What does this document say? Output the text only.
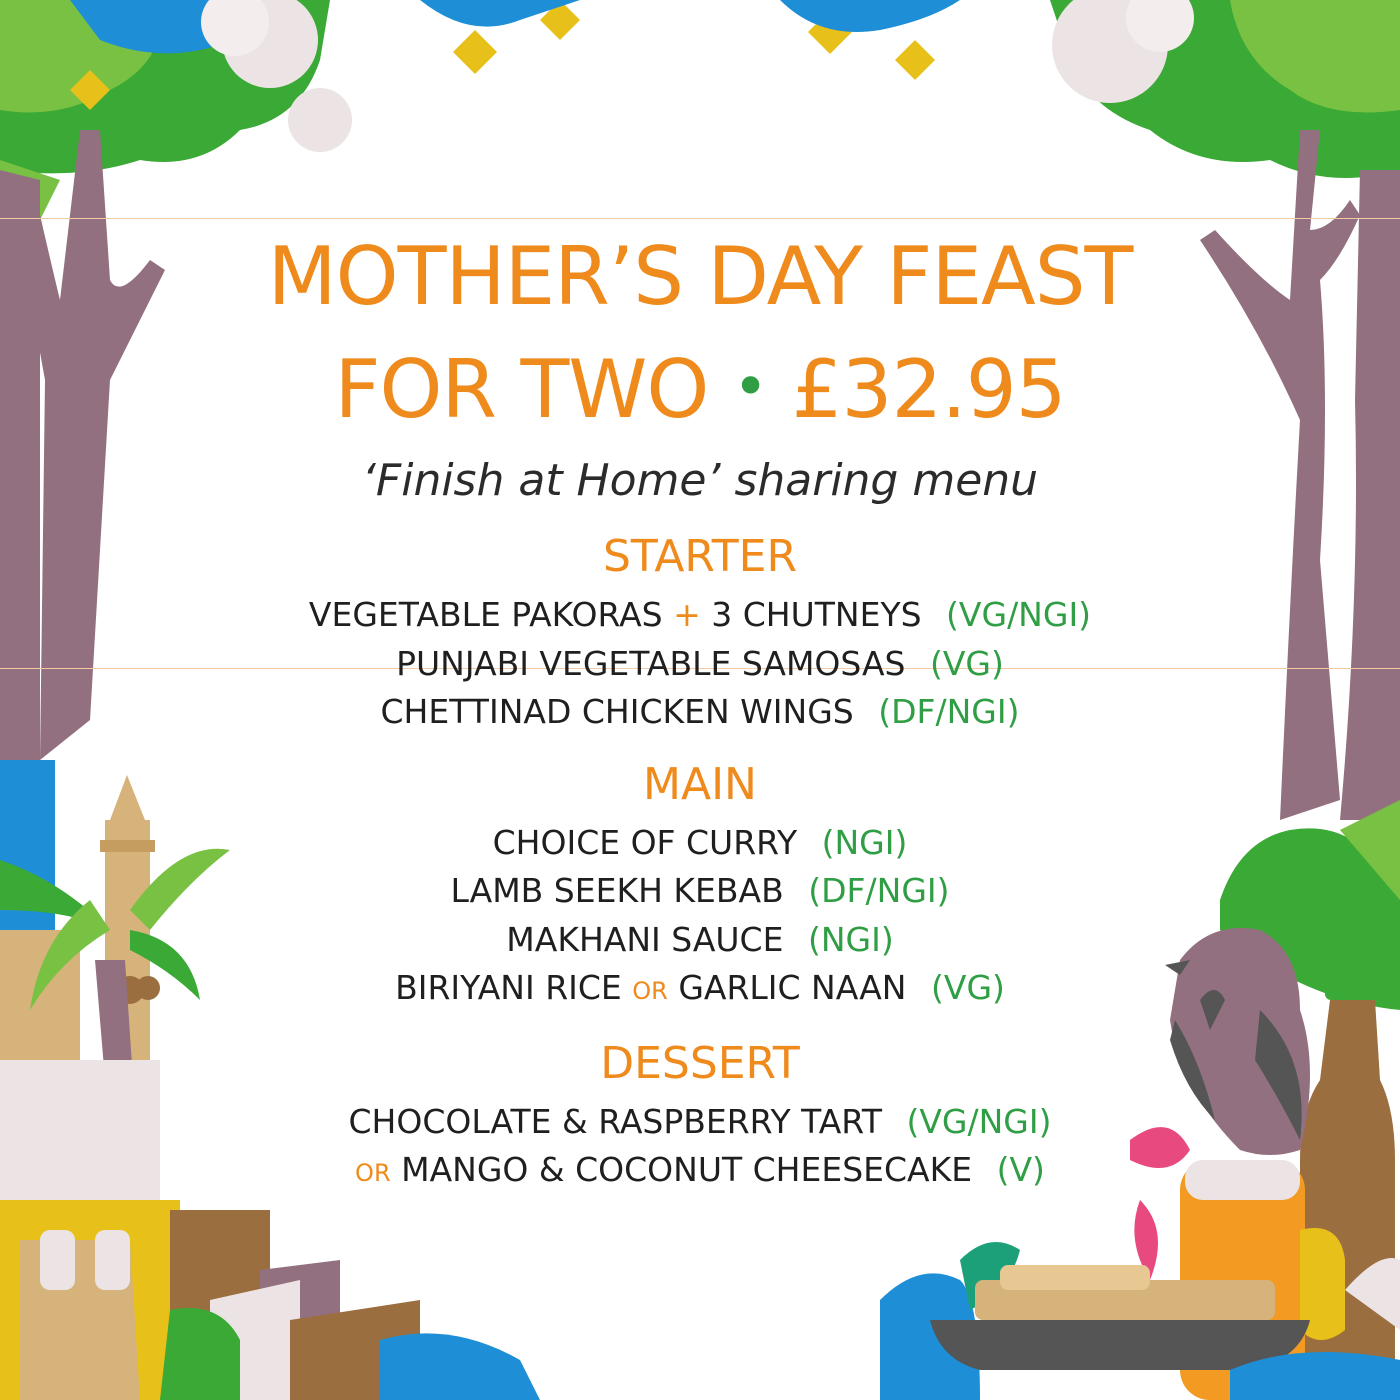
MOTHER’S DAY FEAST
FOR TWO • £32.95
‘Finish at Home’ sharing menu
STARTER
VEGETABLE PAKORAS + 3 CHUTNEYS (VG/NGI)
PUNJABI VEGETABLE SAMOSAS (VG)
CHETTINAD CHICKEN WINGS (DF/NGI)
MAIN
CHOICE OF CURRY (NGI)
LAMB SEEKH KEBAB (DF/NGI)
MAKHANI SAUCE (NGI)
BIRIYANI RICE OR GARLIC NAAN (VG)
DESSERT
CHOCOLATE & RASPBERRY TART (VG/NGI)
OR MANGO & COCONUT CHEESECAKE (V)
